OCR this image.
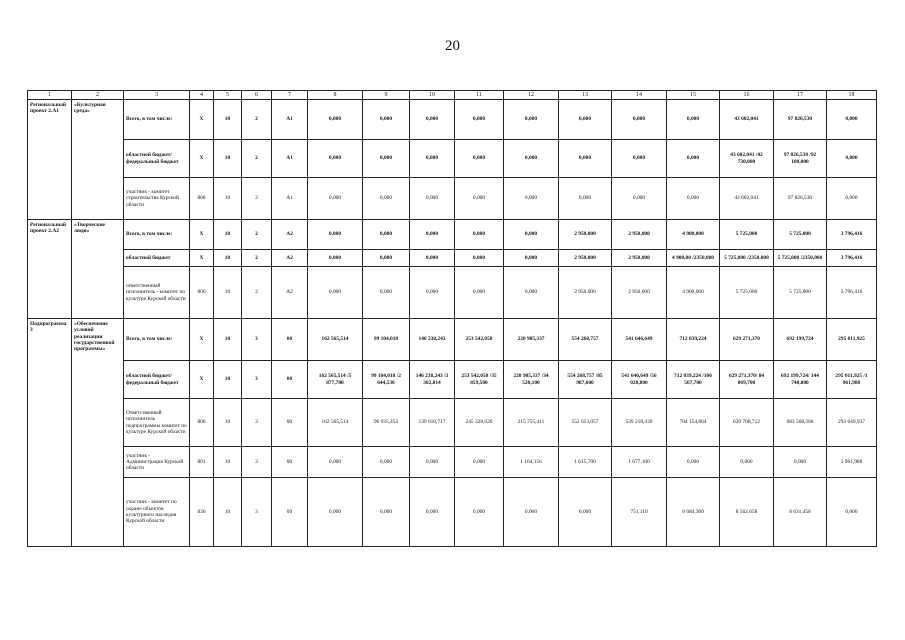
20
1	2	3	4	5	6	7	8	9	10	11	12	13	14	15	16	17	18
Региональный проект 2.А1	«Культурная среда»	Всего, в том числе:	Х	10	2	А1	0,000	0,000	0,000	0,000	0,000	0,000	0,000	0,000	43 602,041	97 826,530	0,000
		областной бюджет/ федеральный бюджет	Х	10	2	А1	0,000	0,000	0,000	0,000	0,000	0,000	0,000	0,000	43 602,041 /42 730,000	97 826,530 /92 100,000	0,000
		участник - комитет строительства Курской области	808	10	2	А1	0,000	0,000	0,000	0,000	0,000	0,000	0,000	0,000	43 602,041	97 826,530	0,000
Региональный проект 2.А2	«Творческие люди»	Всего, в том числе:	Х	10	2	А2	0,000	0,000	0,000	0,000	0,000	2 950,000	2 950,000	4 900,000	5 725,000	5 725,000	3 796,416
		областной бюджет	Х	10	2	А2	0,000	0,000	0,000	0,000	0,000	2 950,000	2 950,000	4 900,00 /2350,000	5 725,000 /2350,000	5 725,000 /2350,000	3 796,416
		ответственный исполнитель - комитет по культуре Курской области	806	10	2	А2	0,000	0,000	0,000	0,000	0,000	2 950,000	2 950,000	4 900,000	5 725,000	5 725,000	3 796,416
Подпрограмма 3	«Обеспечение условий реализации государственной программы»	Всего, в том числе:	Х	10	3	00	162 565,514	99 104,018	146 238,243	253 542,058	220 985,337	554 268,757	541 646,649	712 839,224	629 271,370	692 199,724	295 011,925
		областной бюджет/ федеральный бюджет	Х	10	3	00	162 565,514 /5 877,700	99 104,018 /2 644,530	146 238,243 /3 302,814	253 542,058 /35 859,500	220 985,337 /34 520,100	554 268,757 /85 987,600	541 646,649 /56 028,800	712 839,224 /106 567,700	629 271,370/ 84 069,700	692 199,724/ 144 740,800	295 011,925 /1 961,988
		Ответственный исполнитель подпрограммы комитет по культуре Курской области	806	10	3	00	162 565,514	96 935,453	139 610,717	245 328,026	215 755,411	552 653,057	539 218,439	704 154,864	620 708,712	683 568,266	293 049,937
		участник - Администрация Курской области	801	10	3	00	0,000	0,000	0,000	0,000	1 164,156	1 615,700	1 677,100	0,000	0,000	0,000	1 961,988
		участник - комитет по охране объектов культурного наследия Курской области	836	10	3	00	0,000	0,000	0,000	0,000	0,000	0,000	751,110	8 684,360	8 562,658	8 631,458	0,000
